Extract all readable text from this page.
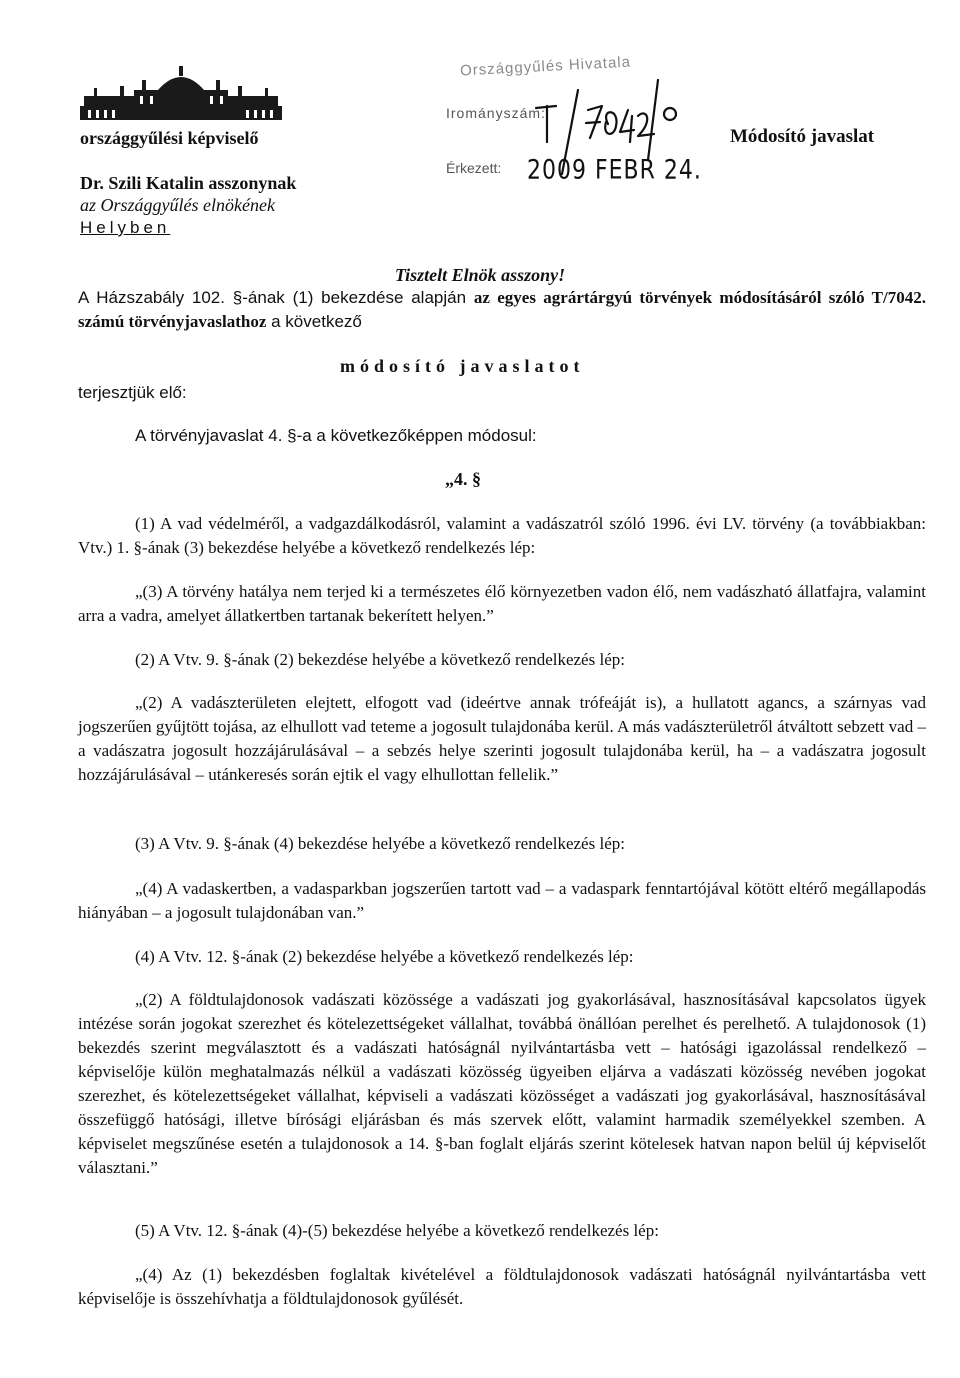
országgyűlési képviselő
Dr. Szili Katalin asszonynak
az Országgyűlés elnökének
Helyben
Módosító javaslat
Országgyűlés Hivatala
Irományszám:
Érkezett: 2009 FEBR 24.
Tisztelt Elnök asszony!
A Házszabály 102. §-ának (1) bekezdése alapján az egyes agrártárgyú törvények módosításáról szóló T/7042. számú törvényjavaslathoz a következő
módosító javaslatot
terjesztjük elő:
A törvényjavaslat 4. §-a a következőképpen módosul:
„4. §
(1) A vad védelméről, a vadgazdálkodásról, valamint a vadászatról szóló 1996. évi LV. törvény (a továbbiakban: Vtv.) 1. §-ának (3) bekezdése helyébe a következő rendelkezés lép:
„(3) A törvény hatálya nem terjed ki a természetes élő környezetben vadon élő, nem vadászható állatfajra, valamint arra a vadra, amelyet állatkertben tartanak bekerített helyen.”
(2) A Vtv. 9. §-ának (2) bekezdése helyébe a következő rendelkezés lép:
„(2) A vadászterületen elejtett, elfogott vad (ideértve annak trófeáját is), a hullatott agancs, a szárnyas vad jogszerűen gyűjtött tojása, az elhullott vad teteme a jogosult tulajdonába kerül. A más vadászterületről átváltott sebzett vad – a vadászatra jogosult hozzájárulásával – a sebzés helye szerinti jogosult tulajdonába kerül, ha – a vadászatra jogosult hozzájárulásával – utánkeresés során ejtik el vagy elhullottan fellelik.”
(3) A Vtv. 9. §-ának (4) bekezdése helyébe a következő rendelkezés lép:
„(4) A vadaskertben, a vadasparkban jogszerűen tartott vad – a vadaspark fenntartójával kötött eltérő megállapodás hiányában – a jogosult tulajdonában van.”
(4) A Vtv. 12. §-ának (2) bekezdése helyébe a következő rendelkezés lép:
„(2) A földtulajdonosok vadászati közössége a vadászati jog gyakorlásával, hasznosításával kapcsolatos ügyek intézése során jogokat szerezhet és kötelezettségeket vállalhat, továbbá önállóan perelhet és perelhető. A tulajdonosok (1) bekezdés szerint megválasztott és a vadászati hatóságnál nyilvántartásba vett – hatósági igazolással rendelkező – képviselője külön meghatalmazás nélkül a vadászati közösség ügyeiben eljárva a vadászati közösség nevében jogokat szerezhet, és kötelezettségeket vállalhat, képviseli a vadászati közösséget a vadászati jog gyakorlásával, hasznosításával összefüggő hatósági, illetve bírósági eljárásban és más szervek előtt, valamint harmadik személyekkel szemben. A képviselet megszűnése esetén a tulajdonosok a 14. §-ban foglalt eljárás szerint kötelesek hatvan napon belül új képviselőt választani.”
(5) A Vtv. 12. §-ának (4)-(5) bekezdése helyébe a következő rendelkezés lép:
„(4) Az (1) bekezdésben foglaltak kivételével a földtulajdonosok vadászati hatóságnál nyilvántartásba vett képviselője is összehívhatja a földtulajdonosok gyűlését.
